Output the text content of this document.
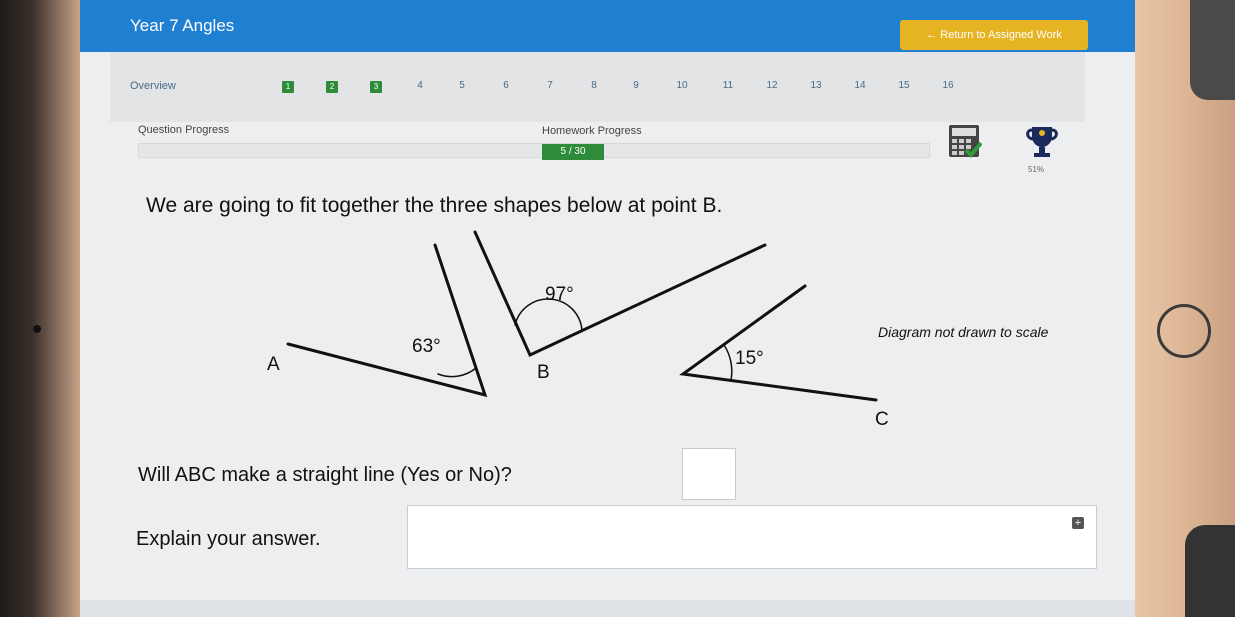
Year 7 Angles	← Return to Assigned Work
Overview	1	2	3	4	5	6	7	8	9	10	11	12	13	14	15	16
Question Progress	Homework Progress
5 / 30
51%
We are going to fit together the three shapes below at point B.
63°
97°
15°
A	B
C
Diagram not drawn to scale
Will ABC make a straight line (Yes or No)?
Explain your answer.
+
